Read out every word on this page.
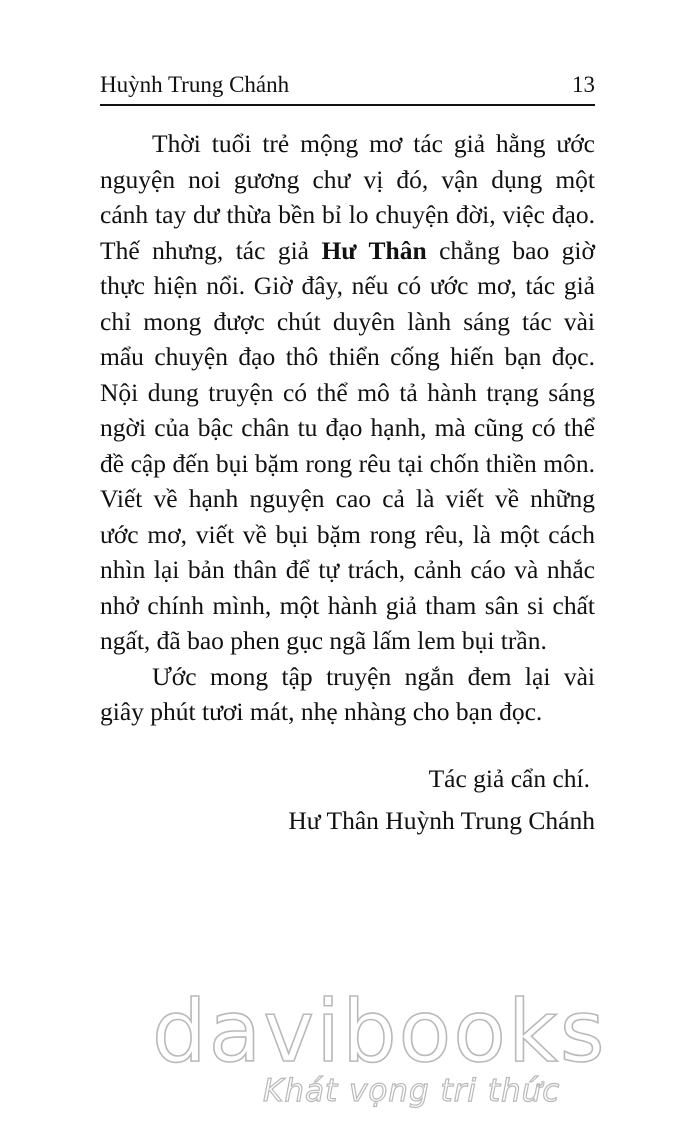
Huỳnh Trung Chánh	13

Thời tuổi trẻ mộng mơ tác giả hằng ước nguyện noi gương chư vị đó, vận dụng một cánh tay dư thừa bền bỉ lo chuyện đời, việc đạo. Thế nhưng, tác giả Hư Thân chẳng bao giờ thực hiện nổi. Giờ đây, nếu có ước mơ, tác giả chỉ mong được chút duyên lành sáng tác vài mẩu chuyện đạo thô thiển cống hiến bạn đọc. Nội dung truyện có thể mô tả hành trạng sáng ngời của bậc chân tu đạo hạnh, mà cũng có thể đề cập đến bụi bặm rong rêu tại chốn thiền môn. Viết về hạnh nguyện cao cả là viết về những ước mơ, viết về bụi bặm rong rêu, là một cách nhìn lại bản thân để tự trách, cảnh cáo và nhắc nhở chính mình, một hành giả tham sân si chất ngất, đã bao phen gục ngã lấm lem bụi trần.

Ước mong tập truyện ngắn đem lại vài giây phút tươi mát, nhẹ nhàng cho bạn đọc.

Tác giả cẩn chí.
Hư Thân Huỳnh Trung Chánh
davibooks
Khát vọng tri thức
